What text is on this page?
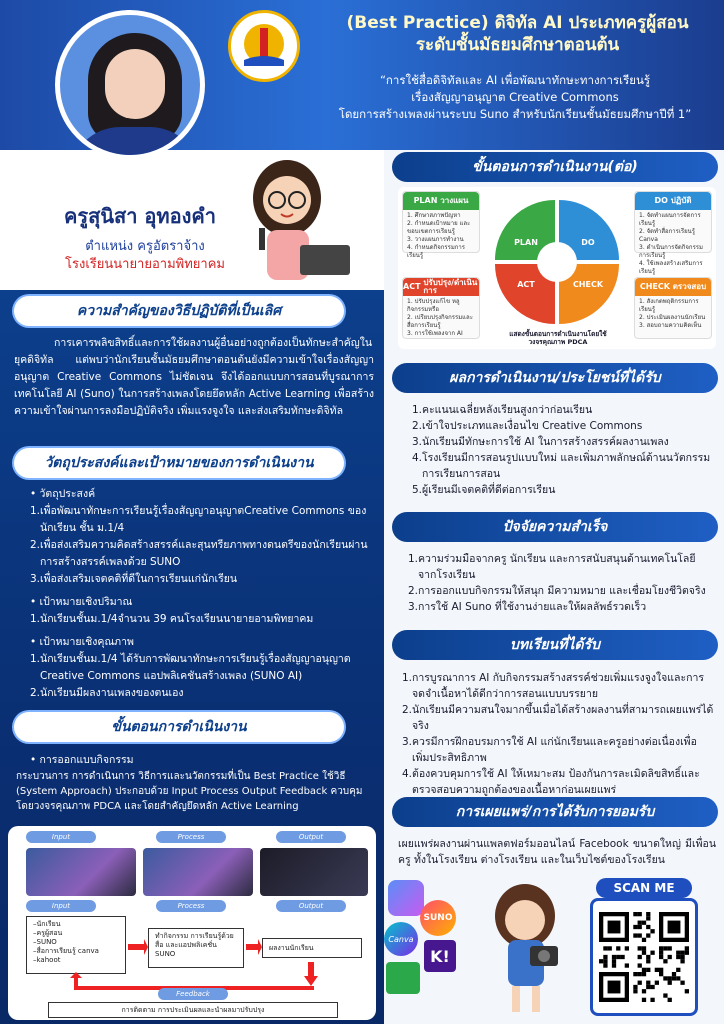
ครูสุนิสา อุทองคำ
ตำแหน่ง ครูอัตราจ้าง
โรงเรียนนายายอามพิทยาคม
(Best Practice) ดิจิทัล AI ประเภทครูผู้สอน
ระดับชั้นมัธยมศึกษาตอนต้น
“การใช้สื่อดิจิทัลและ AI เพื่อพัฒนาทักษะทางการเรียนรู้
เรื่องสัญญาอนุญาต Creative Commons
โดยการสร้างเพลงผ่านระบบ Suno สำหรับนักเรียนชั้นมัธยมศึกษาปีที่ 1”
ความสำคัญของวิธีปฏิบัติที่เป็นเลิศ
การเคารพลิขสิทธิ์และการใช้ผลงานผู้อื่นอย่างถูกต้องเป็นทักษะสำคัญในยุคดิจิทัล แต่พบว่านักเรียนชั้นมัธยมศึกษาตอนต้นยังมีความเข้าใจเรื่องสัญญาอนุญาต Creative Commons ไม่ชัดเจน จึงได้ออกแบบการสอนที่บูรณาการเทคโนโลยี AI (Suno) ในการสร้างเพลงโดยยึดหลัก Active Learning เพื่อสร้างความเข้าใจผ่านการลงมือปฏิบัติจริง เพิ่มแรงจูงใจ และส่งเสริมทักษะดิจิทัล
วัตถุประสงค์และเป้าหมายของการดำเนินงาน
• วัตถุประสงค์
1.เพื่อพัฒนาทักษะการเรียนรู้เรื่องสัญญาอนุญาตCreative Commons ของนักเรียน ชั้น ม.1/4
2.เพื่อส่งเสริมความคิดสร้างสรรค์และสุนทรียภาพทางดนตรีของนักเรียนผ่านการสร้างสรรค์เพลงด้วย SUNO
3.เพื่อส่งเสริมเจตคติที่ดีในการเรียนแก่นักเรียน
• เป้าหมายเชิงปริมาณ
1.นักเรียนชั้นม.1/4จำนวน 39 คนโรงเรียนนายายอามพิทยาคม
• เป้าหมายเชิงคุณภาพ
1.นักเรียนชั้นม.1/4 ได้รับการพัฒนาทักษะการเรียนรู้เรื่องสัญญาอนุญาต Creative Commons แอปพลิเคชันสร้างเพลง (SUNO AI)
2.นักเรียนมีผลงานเพลงของตนเอง
ขั้นตอนการดำเนินงาน
• การออกแบบกิจกรรม
กระบวนการ การดำเนินการ วิธีการและนวัตกรรมที่เป็น Best Practice ใช้วิธี (System Approach) ประกอบด้วย Input Process Output Feedback ควบคุมโดยวงจรคุณภาพ PDCA และโดยสำคัญยึดหลัก Active Learning
Input	Process	Output
Input	Process	Output
–นักเรียน
–ครูผู้สอน
–SUNO
–สื่อการเรียนรู้ canva
–kahoot
ทำกิจกรรม การเรียนรู้ด้วยสื่อ และแอปพลิเคชั่น SUNO
ผลงานนักเรียน
Feedback
การติดตาม การประเมินผลและนำผลมาปรับปรุง
ขั้นตอนการดำเนินงาน(ต่อ)
PLAN
วางแผน
1. ศึกษาสภาพปัญหา
2. กำหนดเป้าหมาย และขอบเขตการเรียนรู้
3. วางแผนการทำงาน
4. กำหนดกิจกรรมการเรียนรู้
DO
ปฏิบัติ
1. จัดทำแผนการจัดการเรียนรู้
2. จัดทำสื่อการเรียนรู้ Canva
3. ดำเนินการจัดกิจกรรมการเรียนรู้
4. ใช้เพลงสร้างเสริมการเรียนรู้
ACT
ปรับปรุง/ดำเนินการ
1. ปรับปรุงแก้ไข หลูกิจกรรมหรือ
2. เปรียบปรุงกิจกรรมและสื่อการเรียนรู้
3. การใช้เพลงจาก AI
CHECK
ตรวจสอบ
1. สังเกตพฤติกรรมการเรียนรู้
2. ประเมินผลงานนักเรียน
3. สอบถามความคิดเห็น
PLAN	DO
CHECK
ACT
แสดงขั้นตอนการดำเนินงานโดยใช้
วงจรคุณภาพ PDCA
ผลการดำเนินงาน/ประโยชน์ที่ได้รับ
1.คะแนนเฉลี่ยหลังเรียนสูงกว่าก่อนเรียน
2.เข้าใจประเภทและเงื่อนไข Creative Commons
3.นักเรียนมีทักษะการใช้ AI ในการสร้างสรรค์ผลงานเพลง
4.โรงเรียนมีการสอนรูปแบบใหม่ และเพิ่มภาพลักษณ์ด้านนวัตกรรมการเรียนการสอน
5.ผู้เรียนมีเจตคติที่ดีต่อการเรียน
ปัจจัยความสำเร็จ
1.ความร่วมมือจากครู นักเรียน และการสนับสนุนด้านเทคโนโลยีจากโรงเรียน
2.การออกแบบกิจกรรมให้สนุก มีความหมาย และเชื่อมโยงชีวิตจริง
3.การใช้ AI Suno ที่ใช้งานง่ายและให้ผลลัพธ์รวดเร็ว
บทเรียนที่ได้รับ
1.การบูรณาการ AI กับกิจกรรมสร้างสรรค์ช่วยเพิ่มแรงจูงใจและการจดจำเนื้อหาได้ดีกว่าการสอนแบบบรรยาย
2.นักเรียนมีความสนใจมากขึ้นเมื่อได้สร้างผลงานที่สามารถเผยแพร่ได้จริง
3.ควรมีการฝึกอบรมการใช้ AI แก่นักเรียนและครูอย่างต่อเนื่องเพื่อเพิ่มประสิทธิภาพ
4.ต้องควบคุมการใช้ AI ให้เหมาะสม ป้องกันการละเมิดลิขสิทธิ์และตรวจสอบความถูกต้องของเนื้อหาก่อนเผยแพร่
การเผยแพร่/การได้รับการยอมรับ
เผยแพร่ผลงานผ่านแพลตฟอร์มออนไลน์ Facebook ขนาดใหญ่ มีเพื่อนครู ทั้งในโรงเรียน ต่างโรงเรียน และในเว็บไซต์ของโรงเรียน
Canva
SUNO
K!
SCAN ME
